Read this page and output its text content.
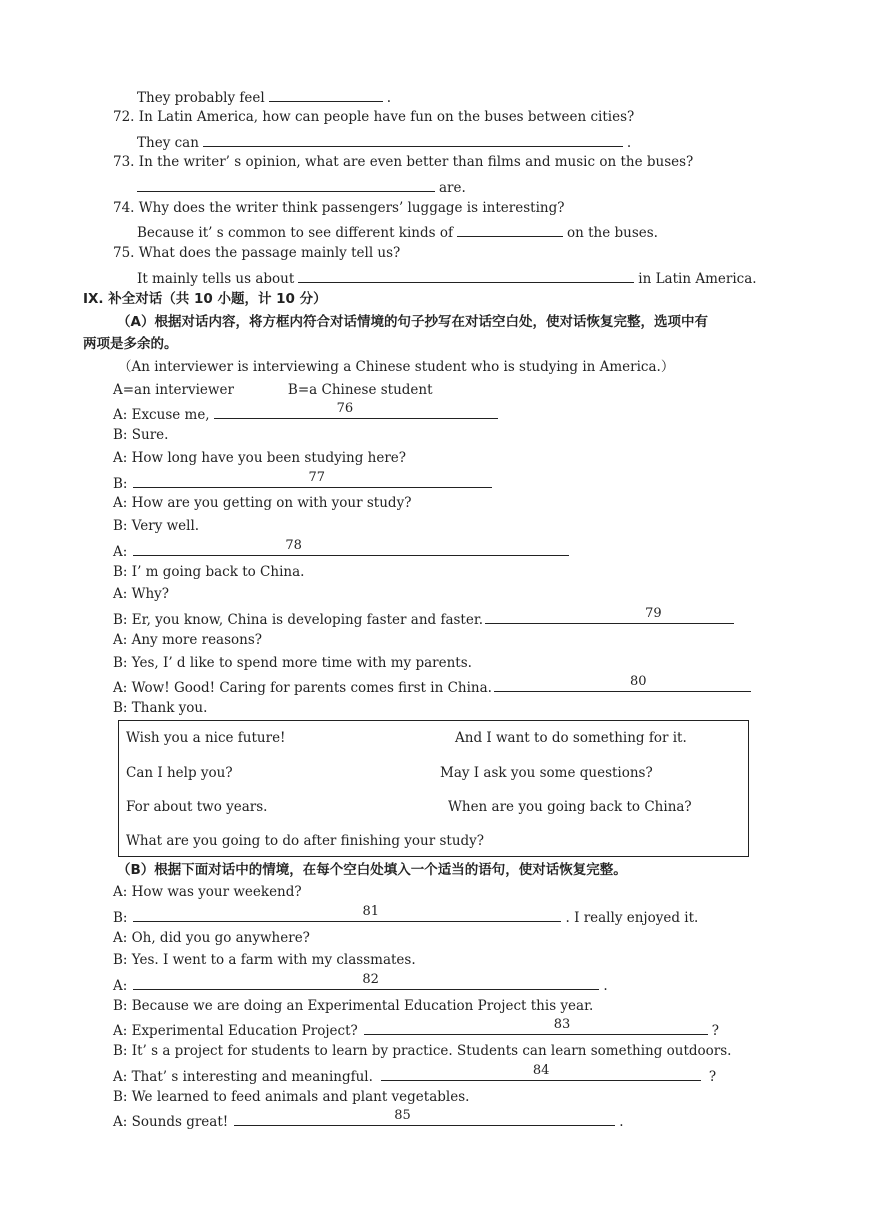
They probably feel	.
72. In Latin America, how can people have fun on the buses between cities?
They can	.
73. In the writer’ s opinion, what are even better than films and music on the buses?
are.
74. Why does the writer think passengers’ luggage is interesting?
Because it’ s common to see different kinds of	on the buses.
75. What does the passage mainly tell us?
It mainly tells us about	in Latin America.
IX. 补全对话（共 10 小题，计 10 分）
（A）根据对话内容，将方框内符合对话情境的句子抄写在对话空白处，使对话恢复完整，选项中有
两项是多余的。
（An interviewer is interviewing a Chinese student who is studying in America.）
A=an interviewer	B=a Chinese student
A: Excuse me,	76
B: Sure.
A: How long have you been studying here?
B:	77
A: How are you getting on with your study?
B: Very well.
A:	78
B: I’ m going back to China.
A: Why?
B: Er, you know, China is developing faster and faster.	79
A: Any more reasons?
B: Yes, I’ d like to spend more time with my parents.
A: Wow! Good! Caring for parents comes first in China.	80
B: Thank you.
Wish you a nice future!	And I want to do something for it.
Can I help you?	May I ask you some questions?
For about two years.	When are you going back to China?
What are you going to do after finishing your study?
（B）根据下面对话中的情境，在每个空白处填入一个适当的语句，使对话恢复完整。
A: How was your weekend?
B:	81	. I really enjoyed it.
A: Oh, did you go anywhere?
B: Yes. I went to a farm with my classmates.
A:	82	.
B: Because we are doing an Experimental Education Project this year.
A: Experimental Education Project?	83	?
B: It’ s a project for students to learn by practice. Students can learn something outdoors.
A: That’ s interesting and meaningful.	84	?
B: We learned to feed animals and plant vegetables.
A: Sounds great!	85	.
